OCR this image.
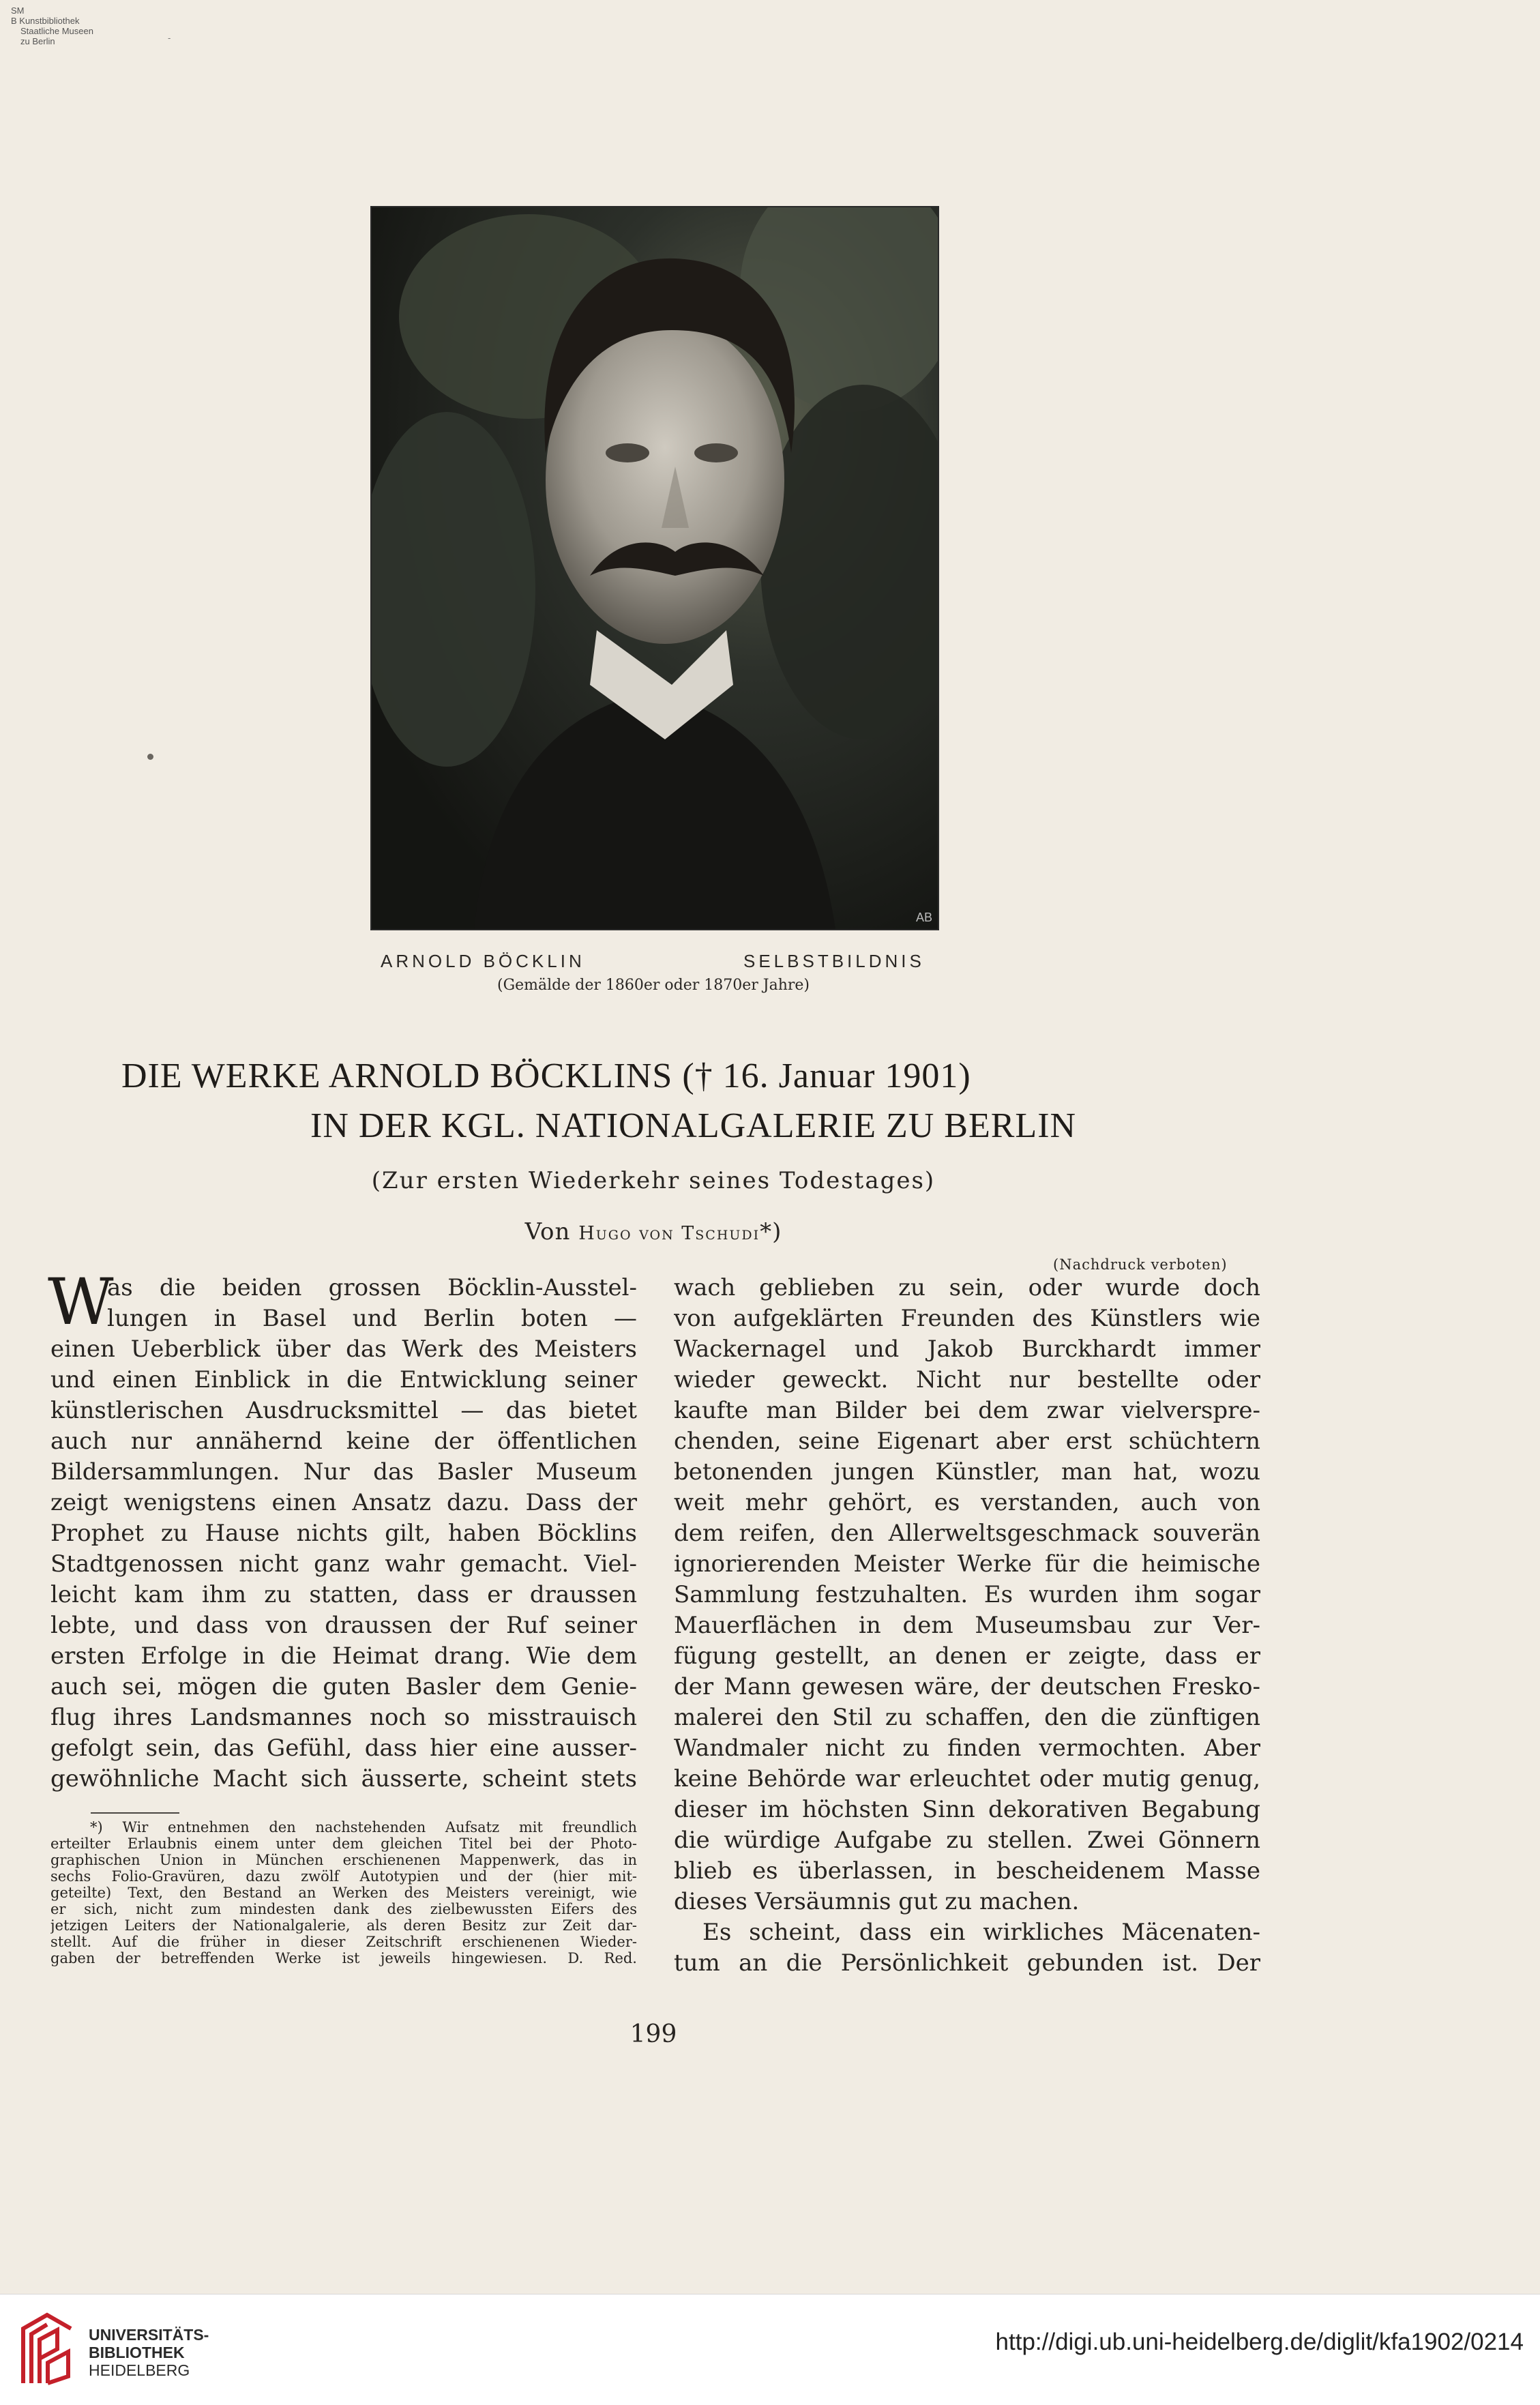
SM
B Kunstbibliothek
Staatliche Museen
zu Berlin	-
AB
ARNOLD BÖCKLIN	SELBSTBILDNIS
(Gemälde der 1860er oder 1870er Jahre)
DIE WERKE ARNOLD BÖCKLINS († 16. Januar 1901)
IN DER KGL. NATIONALGALERIE ZU BERLIN
(Zur ersten Wiederkehr seines Todestages)
Von Hugo von Tschudi*)
(Nachdruck verboten)
W
as die beiden grossen Böcklin-Ausstel-
lungen in Basel und Berlin boten —
einen Ueberblick über das Werk des Meisters
und einen Einblick in die Entwicklung seiner
künstlerischen Ausdrucksmittel — das bietet
auch nur annähernd keine der öffentlichen
Bildersammlungen. Nur das Basler Museum
zeigt wenigstens einen Ansatz dazu. Dass der
Prophet zu Hause nichts gilt, haben Böcklins
Stadtgenossen nicht ganz wahr gemacht. Viel-
leicht kam ihm zu statten, dass er draussen
lebte, und dass von draussen der Ruf seiner
ersten Erfolge in die Heimat drang. Wie dem
auch sei, mögen die guten Basler dem Genie-
flug ihres Landsmannes noch so misstrauisch
gefolgt sein, das Gefühl, dass hier eine ausser-
gewöhnliche Macht sich äusserte, scheint stets
wach geblieben zu sein, oder wurde doch
von aufgeklärten Freunden des Künstlers wie
Wackernagel und Jakob Burckhardt immer
wieder geweckt. Nicht nur bestellte oder
kaufte man Bilder bei dem zwar vielverspre-
chenden, seine Eigenart aber erst schüchtern
betonenden jungen Künstler, man hat, wozu
weit mehr gehört, es verstanden, auch von
dem reifen, den Allerweltsgeschmack souverän
ignorierenden Meister Werke für die heimische
Sammlung festzuhalten. Es wurden ihm sogar
Mauerflächen in dem Museumsbau zur Ver-
fügung gestellt, an denen er zeigte, dass er
der Mann gewesen wäre, der deutschen Fresko-
malerei den Stil zu schaffen, den die zünftigen
Wandmaler nicht zu finden vermochten. Aber
keine Behörde war erleuchtet oder mutig genug,
dieser im höchsten Sinn dekorativen Begabung
die würdige Aufgabe zu stellen. Zwei Gönnern
blieb es überlassen, in bescheidenem Masse
dieses Versäumnis gut zu machen.
Es scheint, dass ein wirkliches Mäcenaten-
tum an die Persönlichkeit gebunden ist. Der
*) Wir entnehmen den nachstehenden Aufsatz mit freundlich
erteilter Erlaubnis einem unter dem gleichen Titel bei der Photo-
graphischen Union in München erschienenen Mappenwerk, das in
sechs Folio-Gravüren, dazu zwölf Autotypien und der (hier mit-
geteilte) Text, den Bestand an Werken des Meisters vereinigt, wie
er sich, nicht zum mindesten dank des zielbewussten Eifers des
jetzigen Leiters der Nationalgalerie, als deren Besitz zur Zeit dar-
stellt. Auf die früher in dieser Zeitschrift erschienenen Wieder-
gaben der betreffenden Werke ist jeweils hingewiesen. D. Red.
199
UNIVERSITÄTS-
BIBLIOTHEK
HEIDELBERG
http://digi.ub.uni-heidelberg.de/diglit/kfa1902/0214
